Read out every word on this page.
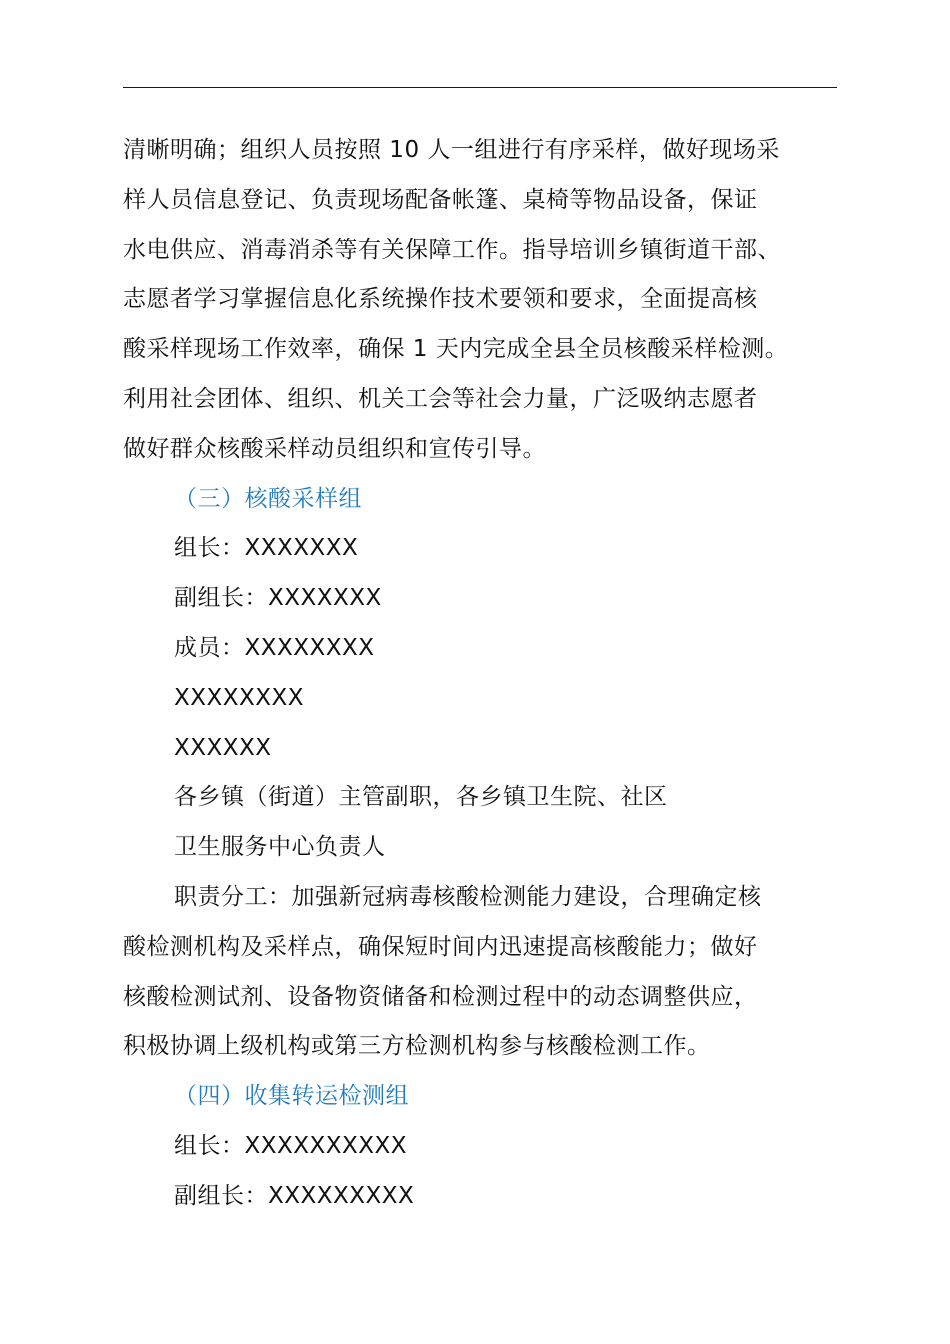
清晰明确；组织人员按照 10 人一组进行有序采样，做好现场采
样人员信息登记、负责现场配备帐篷、桌椅等物品设备，保证
水电供应、消毒消杀等有关保障工作。指导培训乡镇街道干部、
志愿者学习掌握信息化系统操作技术要领和要求，全面提高核
酸采样现场工作效率，确保 1 天内完成全县全员核酸采样检测。
利用社会团体、组织、机关工会等社会力量，广泛吸纳志愿者
做好群众核酸采样动员组织和宣传引导。
（三）核酸采样组
组长：XXXXXXX
副组长：XXXXXXX
成员：XXXXXXXX
XXXXXXXX
XXXXXX
各乡镇（街道）主管副职，各乡镇卫生院、社区
卫生服务中心负责人
职责分工：加强新冠病毒核酸检测能力建设，合理确定核
酸检测机构及采样点，确保短时间内迅速提高核酸能力；做好
核酸检测试剂、设备物资储备和检测过程中的动态调整供应，
积极协调上级机构或第三方检测机构参与核酸检测工作。
（四）收集转运检测组
组长：XXXXXXXXXX
副组长：XXXXXXXXX
